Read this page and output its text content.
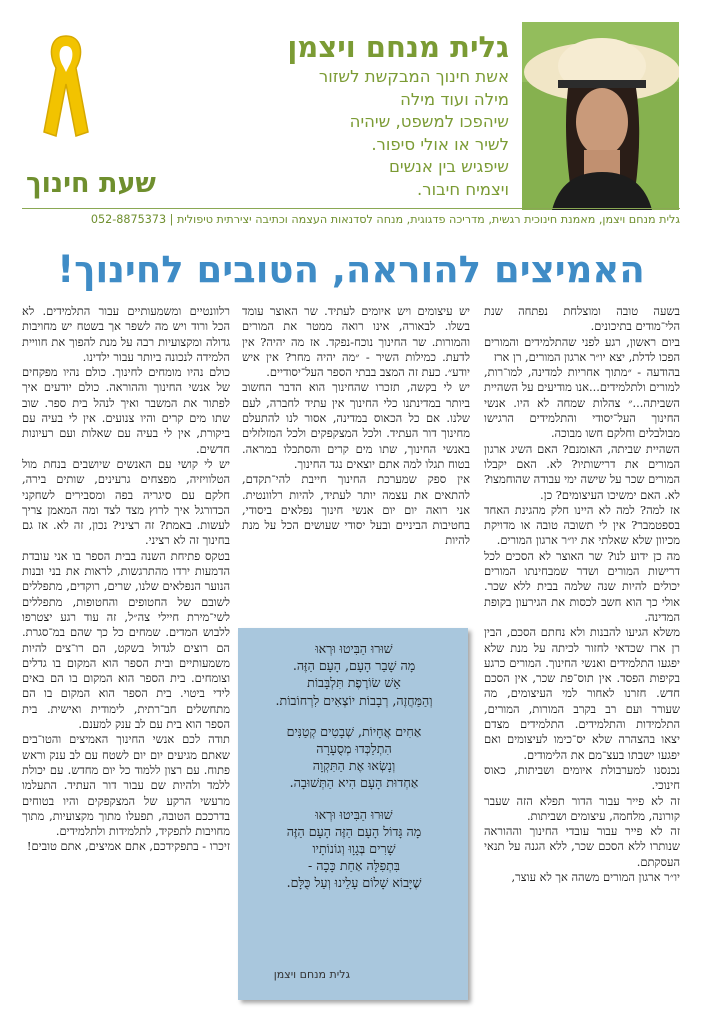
גלית מנחם ויצמן
אשת חינוך המבקשת לשזור
מילה ועוד מילה
שיהפכו למשפט, שיהיה
לשיר או אולי סיפור.
שיפגיש בין אנשים
ויצמיח חיבור.
שעת חינוך
גלית מנחם ויצמן, מאמנת חינוכית רגשית, מדריכה פדגוגית, מנחה לסדנאות העצמה וכתיבה יצירתית טיפולית | 052-8875373
האמיצים להוראה, הטובים לחינוך!

בשעה טובה ומוצלחת נפתחה שנת הלי־מודים בתיכונים.

ביום ראשון, רגע לפני שהתלמידים והמורים הפכו לדלת, יצא יו״ר ארגון המורים, רן ארז

בהודעה - ״מתוך אחריות למדינה, למו־רות, למורים ולתלמידים...אנו מודיעים על השהיית השביתה...״ צהלות שמחה לא היו. אנשי החינוך העל־יסודי והתלמידים הרגישו מבולבלים וחלקם חשו מבוכה.

השהיית שביתה, האומנם? האם השיג ארגון המורים את דרישותיו? לא. האם יקבלו המורים שכר על שישה ימי עבודה שהוחמצו? לא. האם ימשיכו העיצומים? כן.

אז למה? למה לא היינו חלק מהגינת האחד בספטמבר? אין לי תשובה טובה או מדויקת מכיוון שלא שאלתי את יו״ר ארגון המורים.

מה כן ידוע לנו? שר האוצר לא הסכים לכל דרישות המורים ושדר שמבחינתו המורים יכולים להיות שנה שלמה בבית ללא שכר. אולי כך הוא חשב לכסות את הגירעון בקופת המדינה.

משלא הגיעו להבנות ולא נחתם הסכם, הבין רן ארז שכדאי לחזור לכיתה על מנת שלא יפגעו התלמידים ואנשי החינוך. המורים כרגע בקיפות הפסד. אין תוס־פת שכר, אין הסכם חדש. חזרנו לאחור למי העיצומים, מה שעורר ועם רב בקרב המורות, המורים, התלמידות והתלמידים. התלמידים מצדם יצאו בהצהרה שלא יס־כימו לעיצומים ואם יפגעו ישבתו בעצ־מם את הלימודים.

נכנסנו למערבולת איומים ושביתות, כאוס חינוכי.

זה לא פייר עבור הדור תפלא הזה שעבר קורונה, מלחמה, עיצומים ושביתות.

זה לא פייר עבור עובדי החינוך וההוראה שנותרו ללא הסכם שכר, ללא הגנה על תנאי העסקתם.

יו״ר ארגון המורים משהה אך לא עוצר,

יש עיצומים ויש איומים לעתיד. שר האוצר עומד בשלו. לבאורה, אינו רואה ממטר את המורים והמורות. שר החינוך נוכח-נפקד. אז מה יהיה? אין לדעת. כמילות השיר - ״מה יהיה מחר? אין איש יודע״. כעת זה המצב בבתי הספר העל־יסודיים.

יש לי בקשה, תזכרו שהחינוך הוא הדבר החשוב ביותר במדינתנו כלי החינוך אין עתיד לחברה, לעם שלנו. אם כל הכאוס במדינה, אסור לנו להתעלם מחינוך דור העתיד. ולכל המצקפקים ולכל המזלזלים באנשי החינוך, שתו מים קרים והסתכלו במראה. בטוח תגלו למה אתם יוצאים נגד החינוך.

אין ספק שמערכת החינוך חייבת להי־תקדם, להתאים את עצמה יותר לעתיד, להיות רלוונטית. אני רואה יום יום אנשי חינוך נפלאים ביסודי, בחטיבות הביניים ובעל יסודי שעושים הכל על מנת להיות

רלוונטיים ומשמעותיים עבור התלמידים. לא הכל ורוד ויש מה לשפר אך בשטח יש מחויבות גדולה ומקצועיות רבה על מנת להפוך את חוויית הלמידה לנכונה ביותר עבור ילדינו.

כולם נהיו מומחים לחינוך. כולם נהיו מפקחים של אנשי החינוך וההוראה. כולם יודעים איך לפתור את המשבר ואיך לנהל בית ספר. שוב שתו מים קרים והיו צנועים. אין לי בעיה עם ביקורת, אין לי בעיה עם שאלות ועם רעיונות חדשים.

יש לי קושי עם האנשים שיושבים בנחת מול הטלוויזיה, מפצחים גרעינים, שותים בירה, חלקם עם סיגריה בפה ומסבירים לשחקני הכדורגל איך לרוץ מצד לצד ומה המאמן צריך לעשות. באמת? זה רציני? נכון, זה לא. אז גם בחינוך זה לא רציני.

בטקס פתיחת השנה בבית הספר בו אני עובדת הדמעות ירדו מהתרגשות, לראות את בני ובנות הנוער הנפלאים שלנו, שרים, רוקדים, מתפללים לשובם של החטופים והחטופות, מתפללים לשי־מירת חיילי צה״ל, זה עוד רגע יצטרפו ללבוש המדים. שמחים כל כך שהם במ־סגרת. הם רוצים לגדול בשקט, הם רו־צים להיות משמעותיים ובית הספר הוא המקום בו גדלים וצומחים. בית הספר הוא המקום בו הם באים לידי ביטוי. בית הספר הוא המקום בו הם מתחשלים חב־רתית, לימודית ואישית. בית הספר הוא בית עם לב ענק למענם.

תודה לכם אנשי החינוך האמיצים והטו־בים שאתם מגיעים יום יום לשטח עם לב ענק וראש פתוח. עם רצון ללמוד כל יום מחדש. עם יכולת ללמד ולהיות שם עבור דור העתיד. התעלמו מרעשי הרקע של המצקפקים והיו בטוחים בדרככם הטובה, תפעלו מתוך מקצועיות, מתוך מחויבות לתפקיד, לתלמידות ולתלמידים.

זיכרו - בתפקידכם, אתם אמיצים, אתם טובים!

שׁוּרוּ הַבִּיטוּ וּרְאוּ
מָה שָׁבַר הָעָם, הָעָם הַזֶּה.
אֵשׁ שׂוֹרֶפֶת תִּלְבָּבוֹת
וְהַמַּחֲזֶה, רְבָבוֹת יוֹצְאִים לִרְחוֹבוֹת.
אַחִים אֲחָיוֹת, שְׁבָטִים קְטַנִּים
הִתְלַכְּדוּ מְסֻעָרָה
וְנָשְׂאוּ אֶת הַתִּקְוָה
אַחְדוּת הָעָם הִיא הַתְּשׁוּבָה.
שׁוּרוּ הַבִּיטוּ וּרְאוּ
מָה גָּדוֹל הָעָם הַזֶּה הָעָם הַזֶּה
שָׁרִים בְּגָוָוּ וְגוֹנוֹתָיו
בִּתְפִלָּה אַחַת כָּכָה -
שֶׁיָּבוֹא שָׁלוֹם עָלֵינוּ וְעַל כֻּלָּם.
גלית מנחם ויצמן
